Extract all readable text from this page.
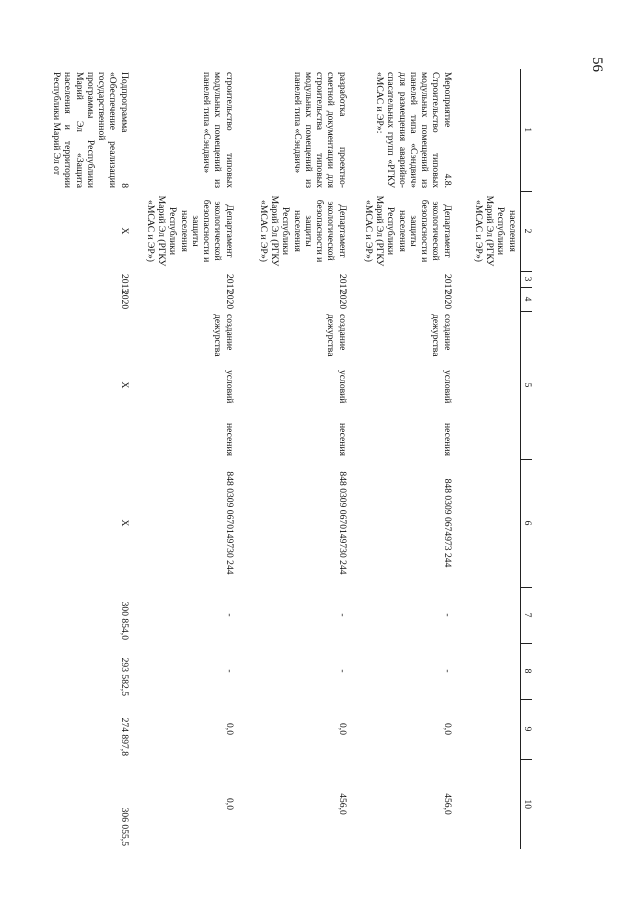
56
1	2	3	4	5	6	7	8	9	10
	населения Республики Марий Эл (РГКУ «МСАС и ЭР»)								
Мероприятие 4.8. Строительство типовых модульных помещений из панелей типа «Сэндвич» для размещения аварийно-спасательных групп «РГКУ «МСАС и ЭР»:	Департамент экологической безопасности и защиты населения Республики Марий Эл (РГКУ «МСАС и ЭР»)	2017	2020	создание условий несения дежурства	848 0309 0674973 244	-	-	0,0	456,0
разработка проектно-сметной документации для строительства типовых модульных помещений из панелей типа «Сэндвич»	Департамент экологической безопасности и защиты населения Республики Марий Эл (РГКУ «МСАС и ЭР»)	2017	2020	создание условий несения дежурства	848 0309 0670149730 244	-	-	0,0	456,0
строительство типовых модульных помещений из панелей типа «Сэндвич»	Департамент экологической безопасности и защиты населения Республики Марий Эл (РГКУ «МСАС и ЭР»)	2017	2020	создание условий несения дежурства	848 0309 0670149730 244	-	-	0,0	0,0
Подпрограмма 8 «Обеспечение реализации государственной программы Республики Марий Эл «Защита населения и территории Республики Марий Эл от	Х	2013	2020	Х	Х	300 854,0	293 582,5	274 897,8	306 055,5
